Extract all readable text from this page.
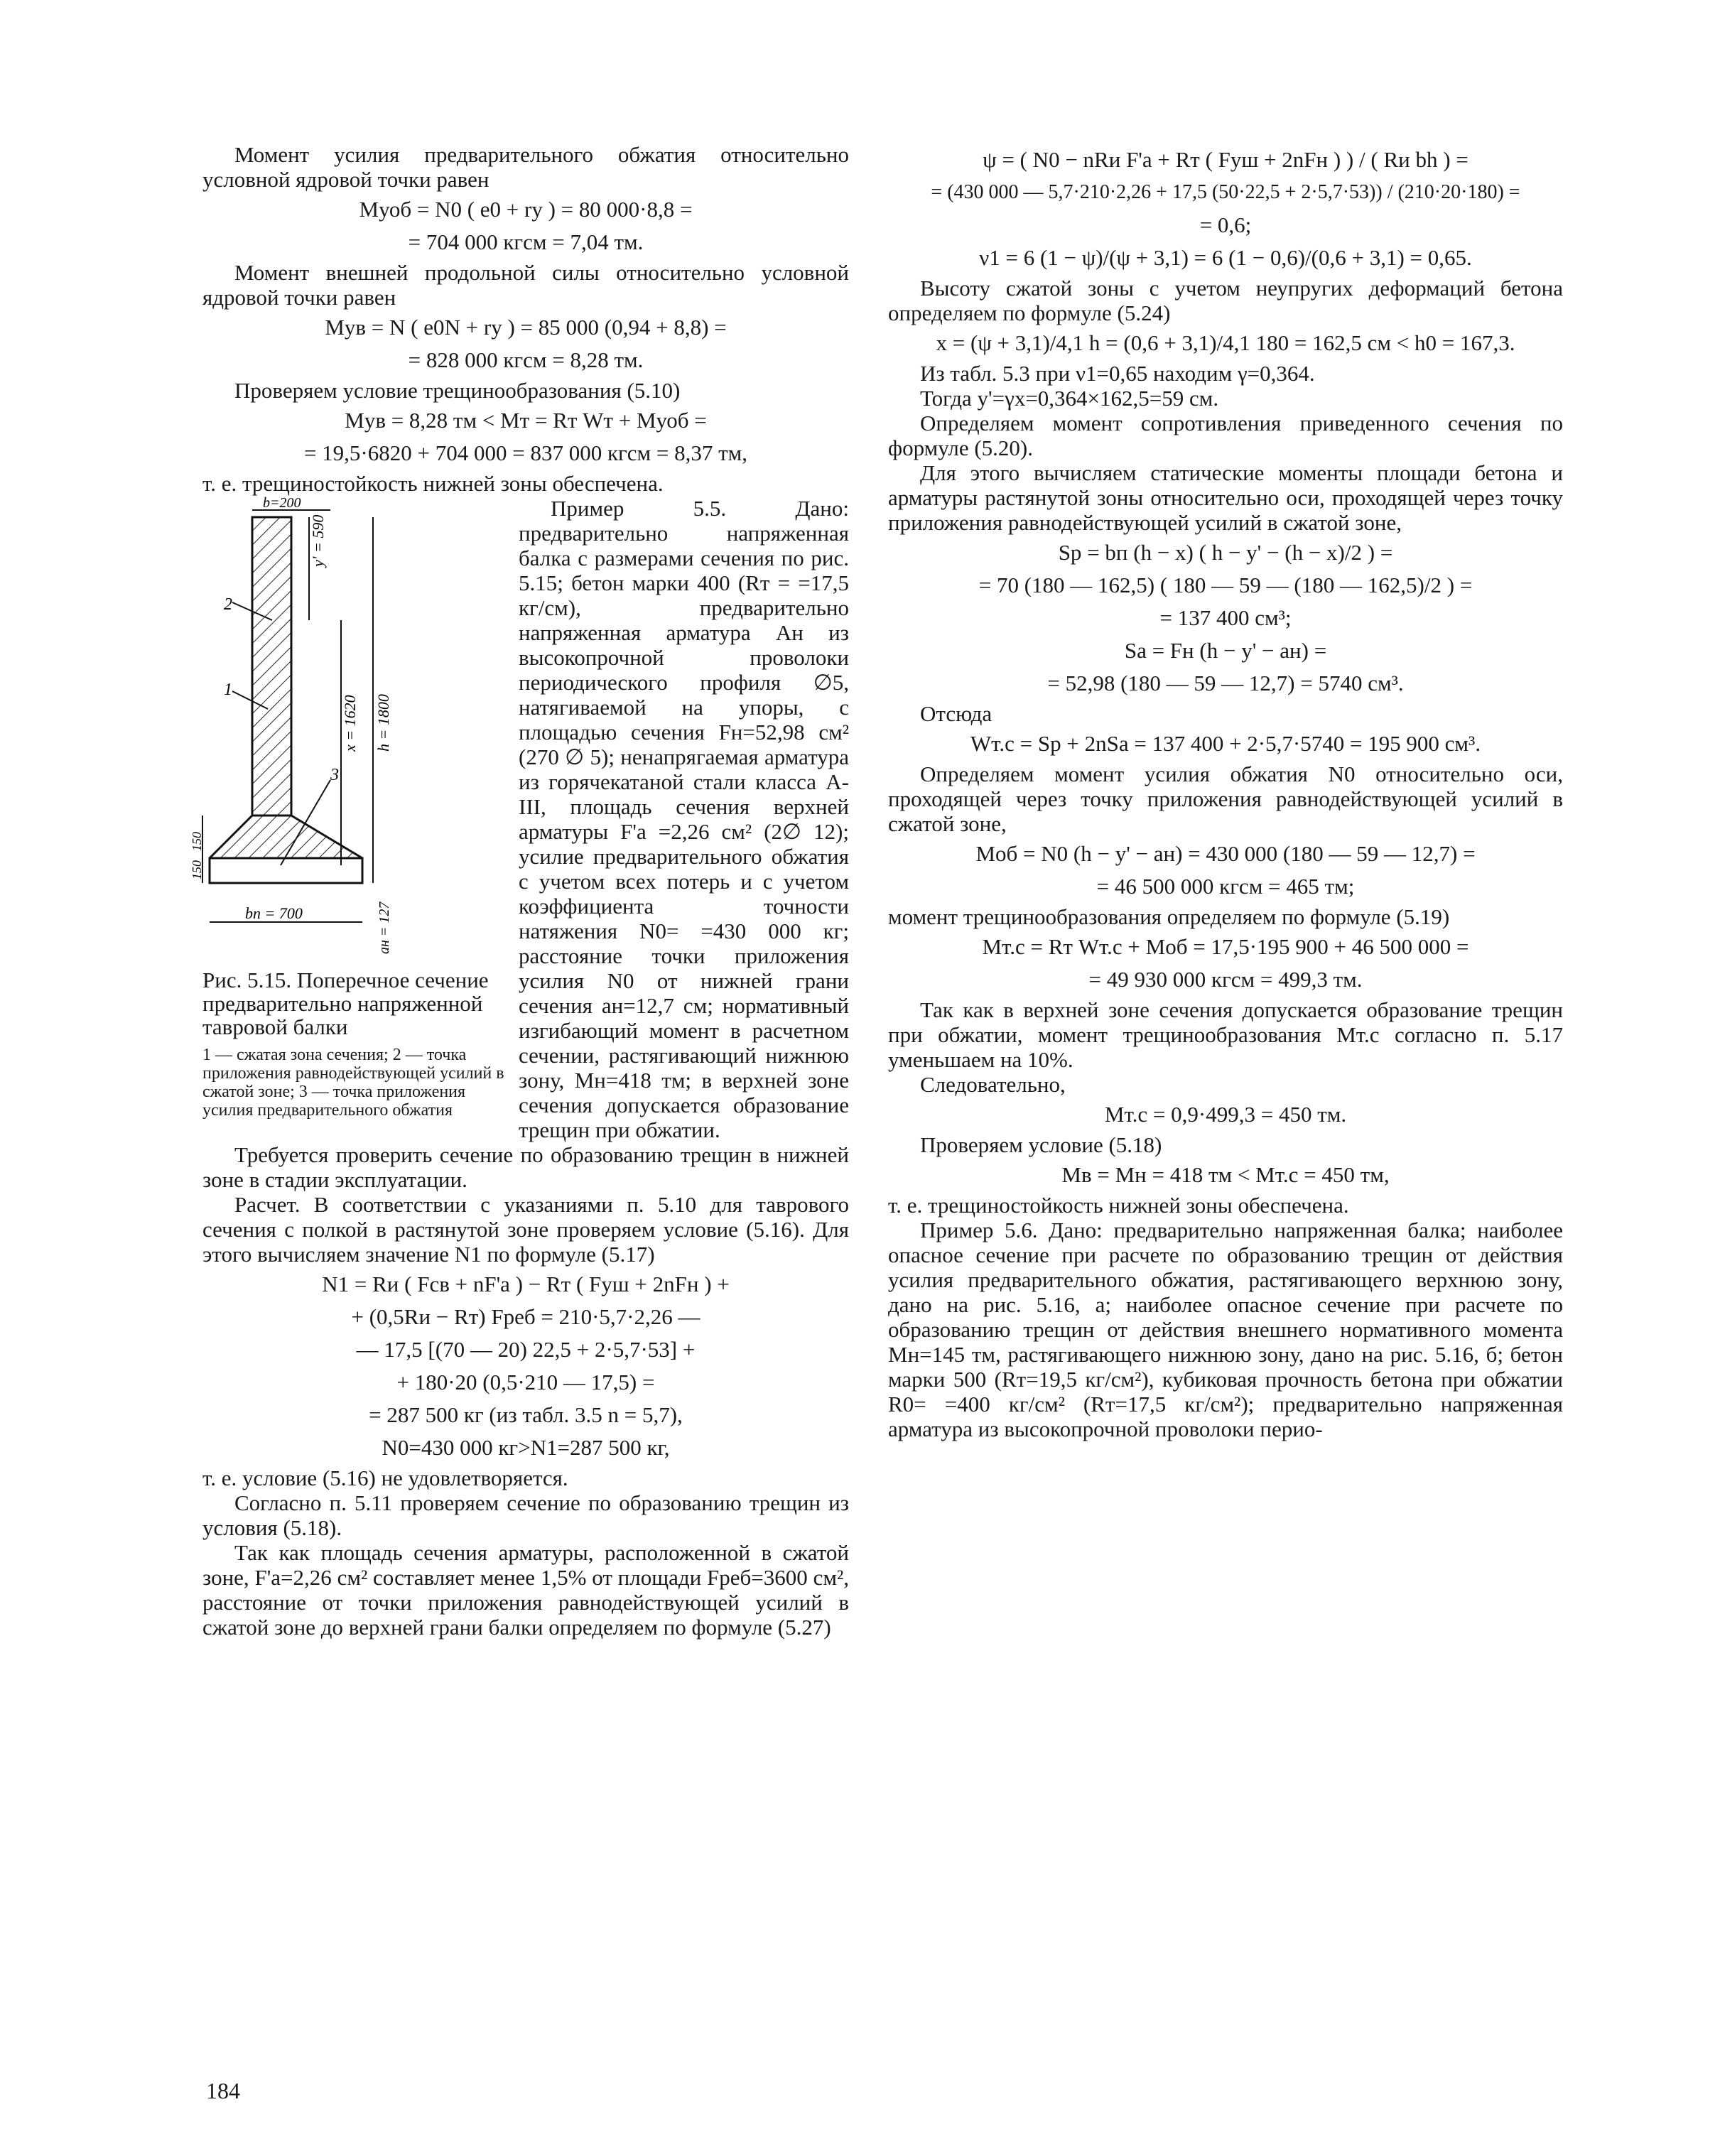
Момент усилия предварительного обжатия относительно условной ядровой точки равен

Mуоб = N0 ( e0 + rу ) = 80 000·8,8 =
= 704 000 кгсм = 7,04 тм.

Момент внешней продольной силы относительно условной ядровой точки равен

Mув = N ( e0N + rу ) = 85 000 (0,94 + 8,8) =
= 828 000 кгсм = 8,28 тм.

Проверяем условие трещинообразования (5.10)

Mув = 8,28 тм < Mт = Rт Wт + Mуоб =
= 19,5·6820 + 704 000 = 837 000 кгсм = 8,37 тм,

т. е. трещиностойкость нижней зоны обеспечена.

b=200
y' = 590
x = 1620 h = 1800
150
150
bп = 700	aн = 127
2
1
3
Рис. 5.15. Поперечное сечение предварительно напряженной тавровой балки
1 — сжатая зона сечения; 2 — точка приложения равнодействующей усилий в сжатой зоне; 3 — точка приложения усилия предварительного обжатия

Пример 5.5. Дано: предварительно напряженная балка с размерами сечения по рис. 5.15; бетон марки 400 (Rт = =17,5 кг/см), предварительно напряженная арматура Aн из высокопрочной проволоки периодического профиля ∅5, натягиваемой на упоры, с площадью сечения Fн=52,98 см² (270 ∅ 5); ненапрягаемая арматура из горячекатаной стали класса A-III, площадь сечения верхней арматуры F'а =2,26 см² (2∅ 12); усилие предварительного обжатия с учетом всех потерь и с учетом коэффициента точности натяжения N0= =430 000 кг; расстояние точки приложения усилия N0 от нижней грани сечения aн=12,7 см; нормативный изгибающий момент в расчетном сечении, растягивающий нижнюю зону, Mн=418 тм; в верхней зоне сечения допускается образование трещин при обжатии.

Требуется проверить сечение по образованию трещин в нижней зоне в стадии эксплуатации.

Расчет. В соответствии с указаниями п. 5.10 для таврового сечения с полкой в растянутой зоне проверяем условие (5.16). Для этого вычисляем значение N1 по формуле (5.17)

N1 = Rи ( Fсв + nF'а ) − Rт ( Fуш + 2nFн ) +
+ (0,5Rи − Rт) Fреб = 210·5,7·2,26 —
— 17,5 [(70 — 20) 22,5 + 2·5,7·53] +
+ 180·20 (0,5·210 — 17,5) =
= 287 500 кг (из табл. 3.5 n = 5,7),
N0=430 000 кг>N1=287 500 кг,

т. е. условие (5.16) не удовлетворяется.

Согласно п. 5.11 проверяем сечение по образованию трещин из условия (5.18).

Так как площадь сечения арматуры, расположенной в сжатой зоне, F'а=2,26 см² составляет менее 1,5% от площади Fреб=3600 см², расстояние от точки приложения равнодействующей усилий в сжатой зоне до верхней грани балки определяем по формуле (5.27)

ψ = ( N0 − nRи F'а + Rт ( Fуш + 2nFн ) ) / ( Rи bh ) =
= (430 000 — 5,7·210·2,26 + 17,5 (50·22,5 + 2·5,7·53)) / (210·20·180) =
= 0,6;
ν1 = 6 (1 − ψ)/(ψ + 3,1) = 6 (1 − 0,6)/(0,6 + 3,1) = 0,65.

Высоту сжатой зоны с учетом неупругих деформаций бетона определяем по формуле (5.24)

x = (ψ + 3,1)/4,1 h = (0,6 + 3,1)/4,1 180 = 162,5 см < h0 = 167,3.

Из табл. 5.3 при ν1=0,65 находим γ=0,364.

Тогда y'=γx=0,364×162,5=59 см.

Определяем момент сопротивления приведенного сечения по формуле (5.20).

Для этого вычисляем статические моменты площади бетона и арматуры растянутой зоны относительно оси, проходящей через точку приложения равнодействующей усилий в сжатой зоне,

Sр = bп (h − x) ( h − y' − (h − x)/2 ) =
= 70 (180 — 162,5) ( 180 — 59 — (180 — 162,5)/2 ) =
= 137 400 см³;
Sа = Fн (h − y' − aн) =
= 52,98 (180 — 59 — 12,7) = 5740 см³.

Отсюда

Wт.с = Sр + 2nSа = 137 400 + 2·5,7·5740 = 195 900 см³.

Определяем момент усилия обжатия N0 относительно оси, проходящей через точку приложения равнодействующей усилий в сжатой зоне,

Mоб = N0 (h − y' − aн) = 430 000 (180 — 59 — 12,7) =
= 46 500 000 кгсм = 465 тм;

момент трещинообразования определяем по формуле (5.19)

Mт.с = Rт Wт.с + Mоб = 17,5·195 900 + 46 500 000 =
= 49 930 000 кгсм = 499,3 тм.

Так как в верхней зоне сечения допускается образование трещин при обжатии, момент трещинообразования Mт.с согласно п. 5.17 уменьшаем на 10%.

Следовательно,

Mт.с = 0,9·499,3 = 450 тм.

Проверяем условие (5.18)

Mв = Mн = 418 тм < Mт.с = 450 тм,

т. е. трещиностойкость нижней зоны обеспечена.

Пример 5.6. Дано: предварительно напряженная балка; наиболее опасное сечение при расчете по образованию трещин от действия усилия предварительного обжатия, растягивающего верхнюю зону, дано на рис. 5.16, а; наиболее опасное сечение при расчете по образованию трещин от действия внешнего нормативного момента Mн=145 тм, растягивающего нижнюю зону, дано на рис. 5.16, б; бетон марки 500 (Rт=19,5 кг/см²), кубиковая прочность бетона при обжатии R0= =400 кг/см² (Rт=17,5 кг/см²); предварительно напряженная арматура из высокопрочной проволоки перио-

184
